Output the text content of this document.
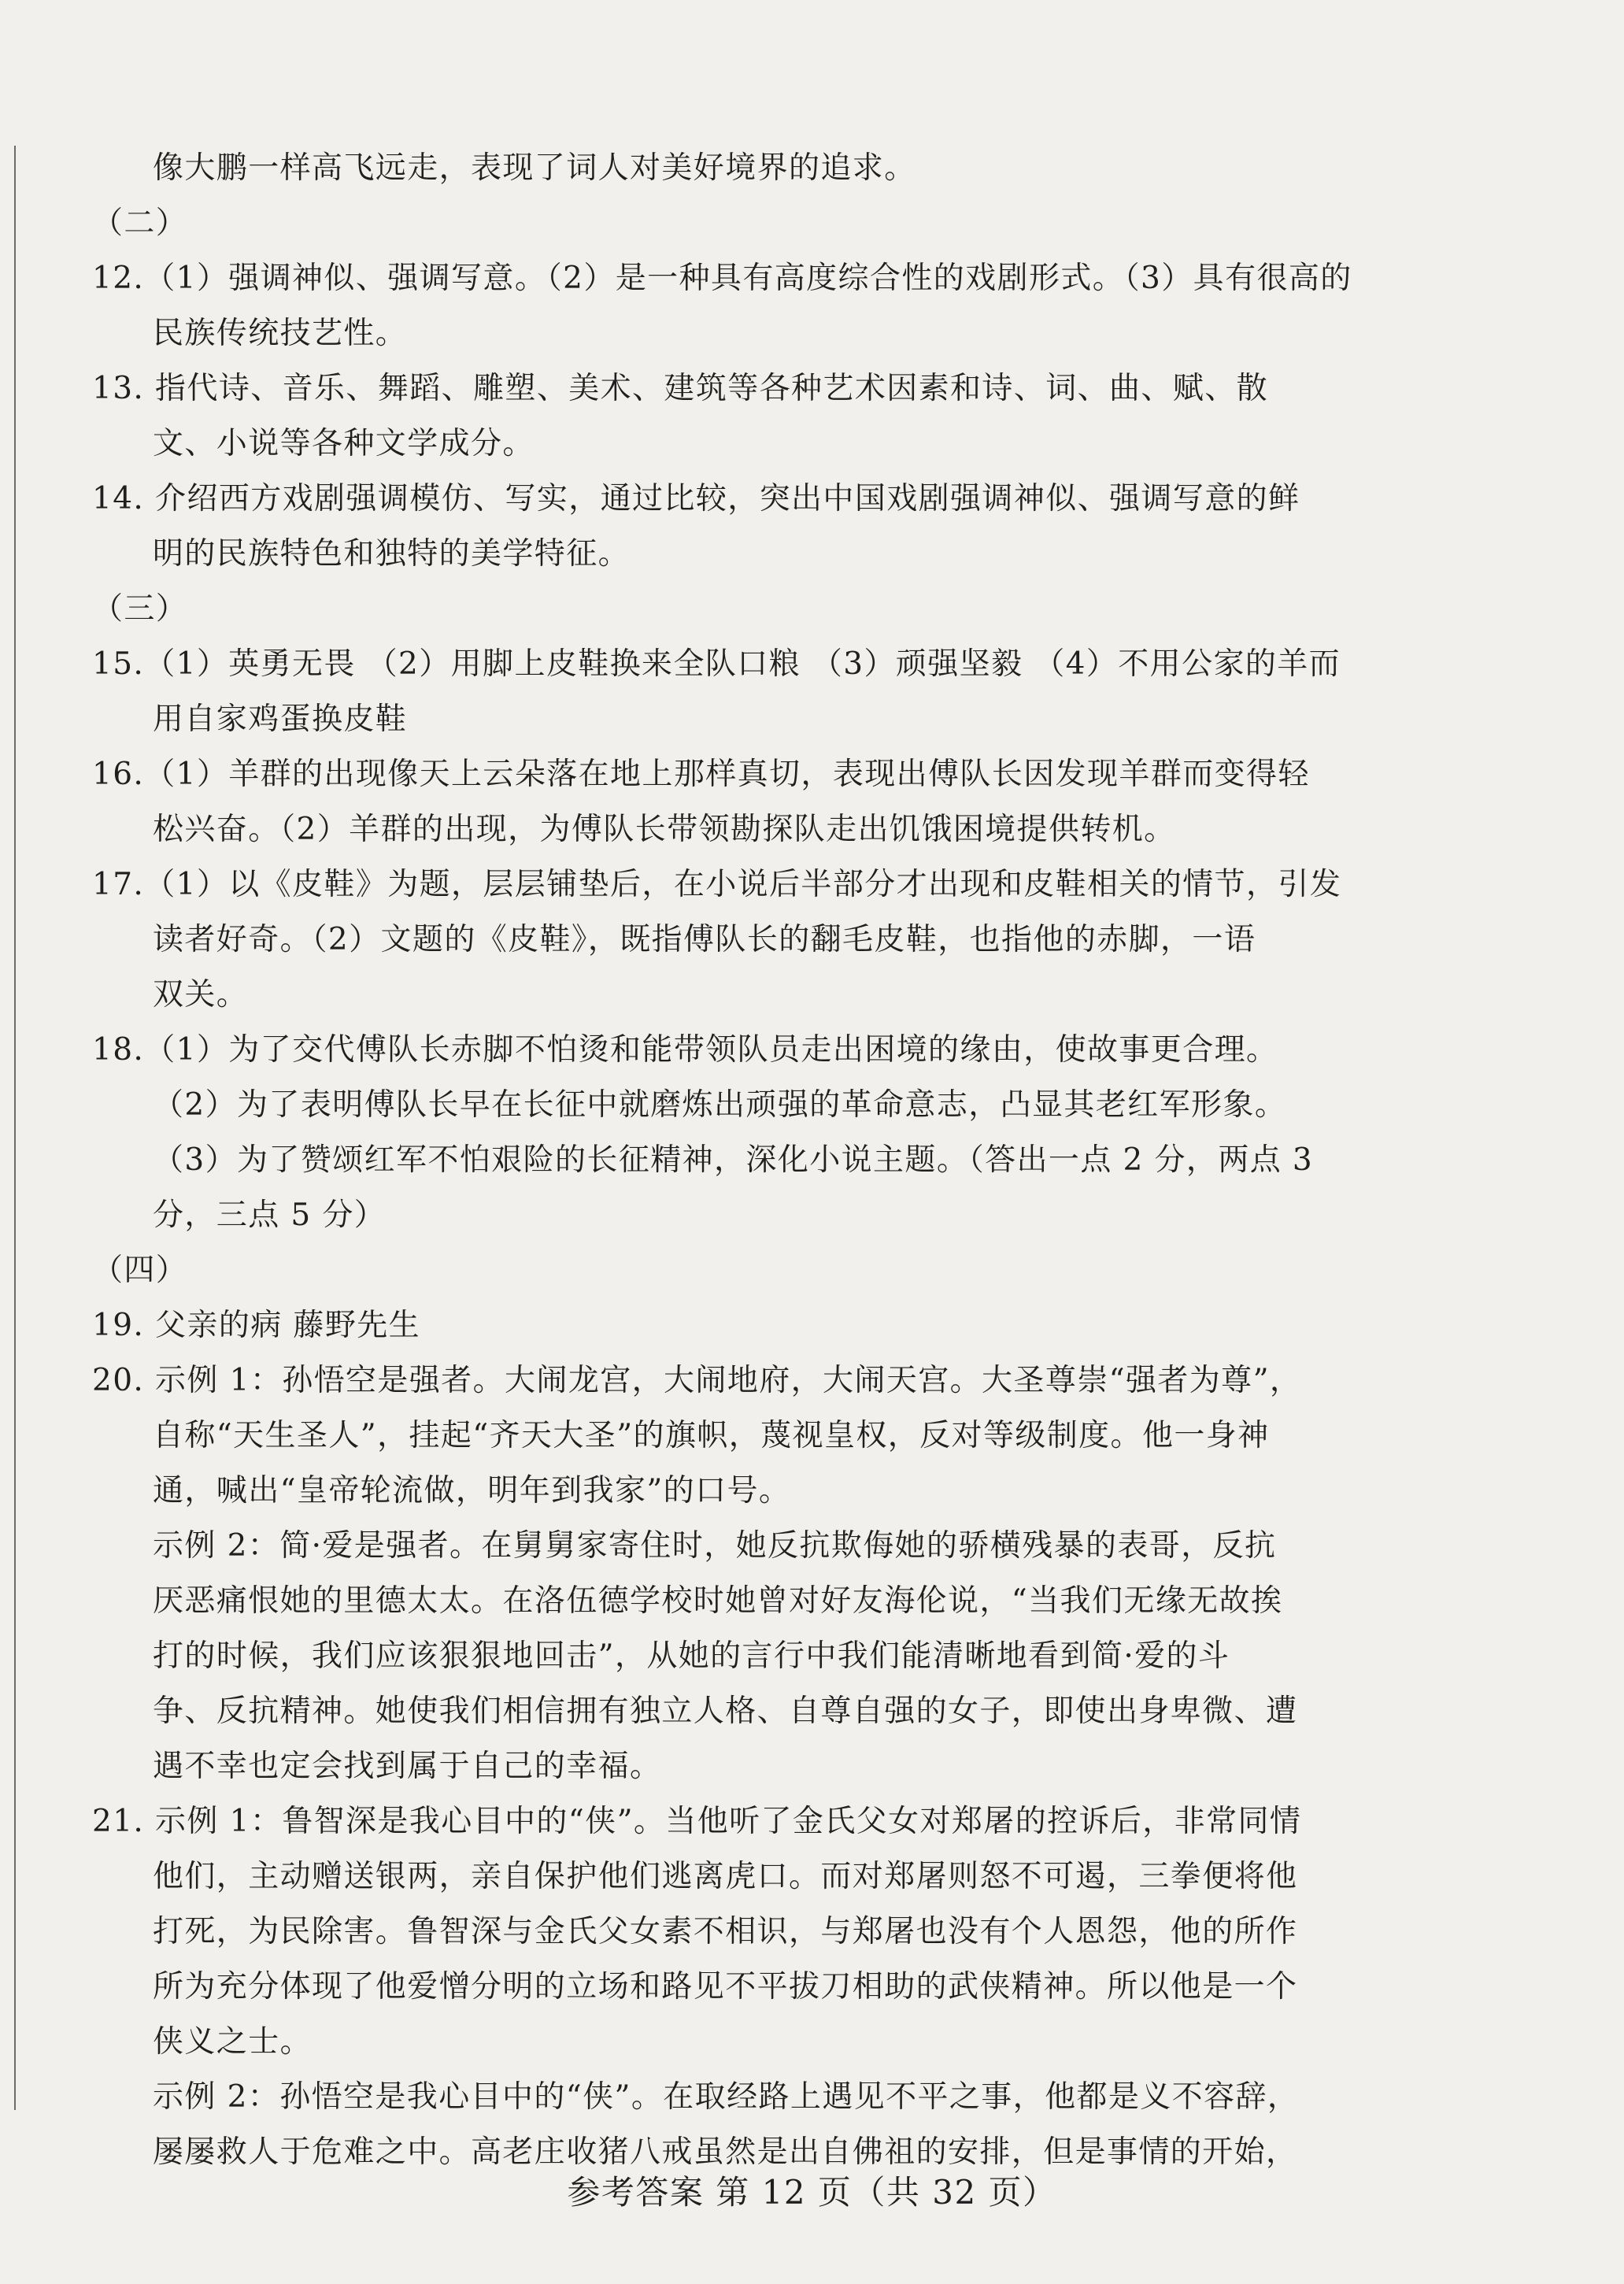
像大鹏一样高飞远走，表现了词人对美好境界的追求。
（二）
12.（1）强调神似、强调写意。（2）是一种具有高度综合性的戏剧形式。（3）具有很高的
民族传统技艺性。
13. 指代诗、音乐、舞蹈、雕塑、美术、建筑等各种艺术因素和诗、词、曲、赋、散
文、小说等各种文学成分。
14. 介绍西方戏剧强调模仿、写实，通过比较，突出中国戏剧强调神似、强调写意的鲜
明的民族特色和独特的美学特征。
（三）
15.（1）英勇无畏 （2）用脚上皮鞋换来全队口粮 （3）顽强坚毅 （4）不用公家的羊而
用自家鸡蛋换皮鞋
16.（1）羊群的出现像天上云朵落在地上那样真切，表现出傅队长因发现羊群而变得轻
松兴奋。（2）羊群的出现，为傅队长带领勘探队走出饥饿困境提供转机。
17.（1）以《皮鞋》为题，层层铺垫后，在小说后半部分才出现和皮鞋相关的情节，引发
读者好奇。（2）文题的《皮鞋》，既指傅队长的翻毛皮鞋，也指他的赤脚，一语
双关。
18.（1）为了交代傅队长赤脚不怕烫和能带领队员走出困境的缘由，使故事更合理。
（2）为了表明傅队长早在长征中就磨炼出顽强的革命意志，凸显其老红军形象。
（3）为了赞颂红军不怕艰险的长征精神，深化小说主题。（答出一点 2 分，两点 3
分，三点 5 分）
（四）
19. 父亲的病 藤野先生
20. 示例 1：孙悟空是强者。大闹龙宫，大闹地府，大闹天宫。大圣尊崇“强者为尊”，
自称“天生圣人”，挂起“齐天大圣”的旗帜，蔑视皇权，反对等级制度。他一身神
通，喊出“皇帝轮流做，明年到我家”的口号。
示例 2：简·爱是强者。在舅舅家寄住时，她反抗欺侮她的骄横残暴的表哥，反抗
厌恶痛恨她的里德太太。在洛伍德学校时她曾对好友海伦说，“当我们无缘无故挨
打的时候，我们应该狠狠地回击”，从她的言行中我们能清晰地看到简·爱的斗
争、反抗精神。她使我们相信拥有独立人格、自尊自强的女子，即使出身卑微、遭
遇不幸也定会找到属于自己的幸福。
21. 示例 1：鲁智深是我心目中的“侠”。当他听了金氏父女对郑屠的控诉后，非常同情
他们，主动赠送银两，亲自保护他们逃离虎口。而对郑屠则怒不可遏，三拳便将他
打死，为民除害。鲁智深与金氏父女素不相识，与郑屠也没有个人恩怨，他的所作
所为充分体现了他爱憎分明的立场和路见不平拔刀相助的武侠精神。所以他是一个
侠义之士。
示例 2：孙悟空是我心目中的“侠”。在取经路上遇见不平之事，他都是义不容辞，
屡屡救人于危难之中。高老庄收猪八戒虽然是出自佛祖的安排，但是事情的开始，
参考答案 第 12 页（共 32 页）
